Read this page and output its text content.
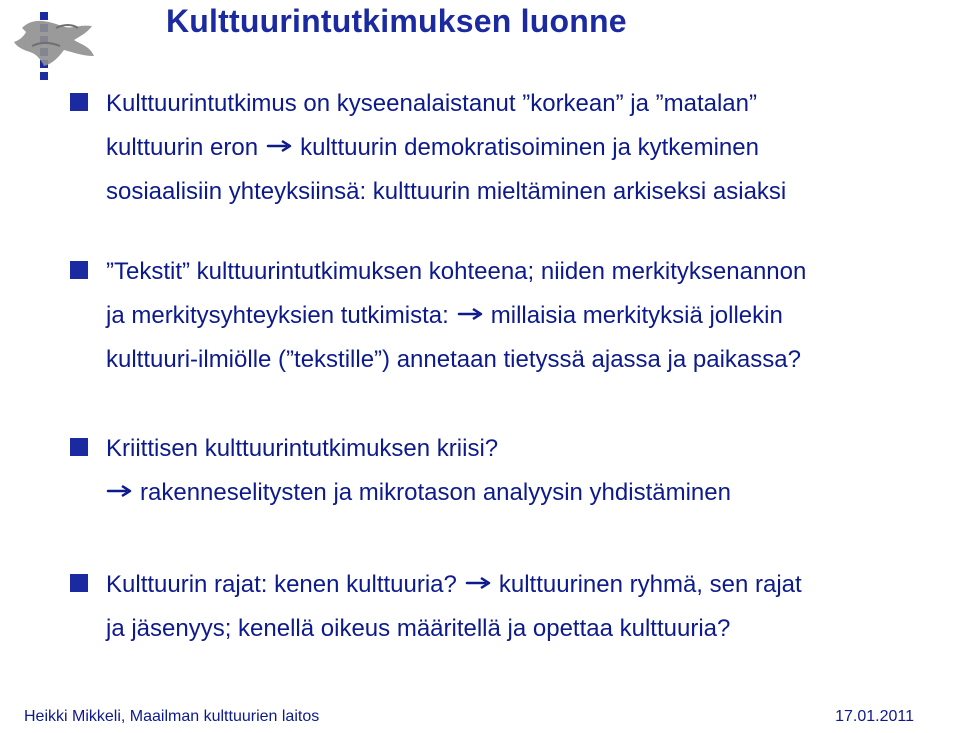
Kulttuurintutkimuksen luonne

Kulttuurintutkimus on kyseenalaistanut ”korkean” ja ”matalan”
kulttuurin eron kulttuurin demokratisoiminen ja kytkeminen
sosiaalisiin yhteyksiinsä: kulttuurin mieltäminen arkiseksi asiaksi

”Tekstit” kulttuurintutkimuksen kohteena; niiden merkityksenannon
ja merkitysyhteyksien tutkimista: millaisia merkityksiä jollekin
kulttuuri-ilmiölle (”tekstille”) annetaan tietyssä ajassa ja paikassa?

Kriittisen kulttuurintutkimuksen kriisi?
rakenneselitysten ja mikrotason analyysin yhdistäminen

Kulttuurin rajat: kenen kulttuuria? kulttuurinen ryhmä, sen rajat
ja jäsenyys; kenellä oikeus määritellä ja opettaa kulttuuria?

Heikki Mikkeli, Maailman kulttuurien laitos	17.01.2011
